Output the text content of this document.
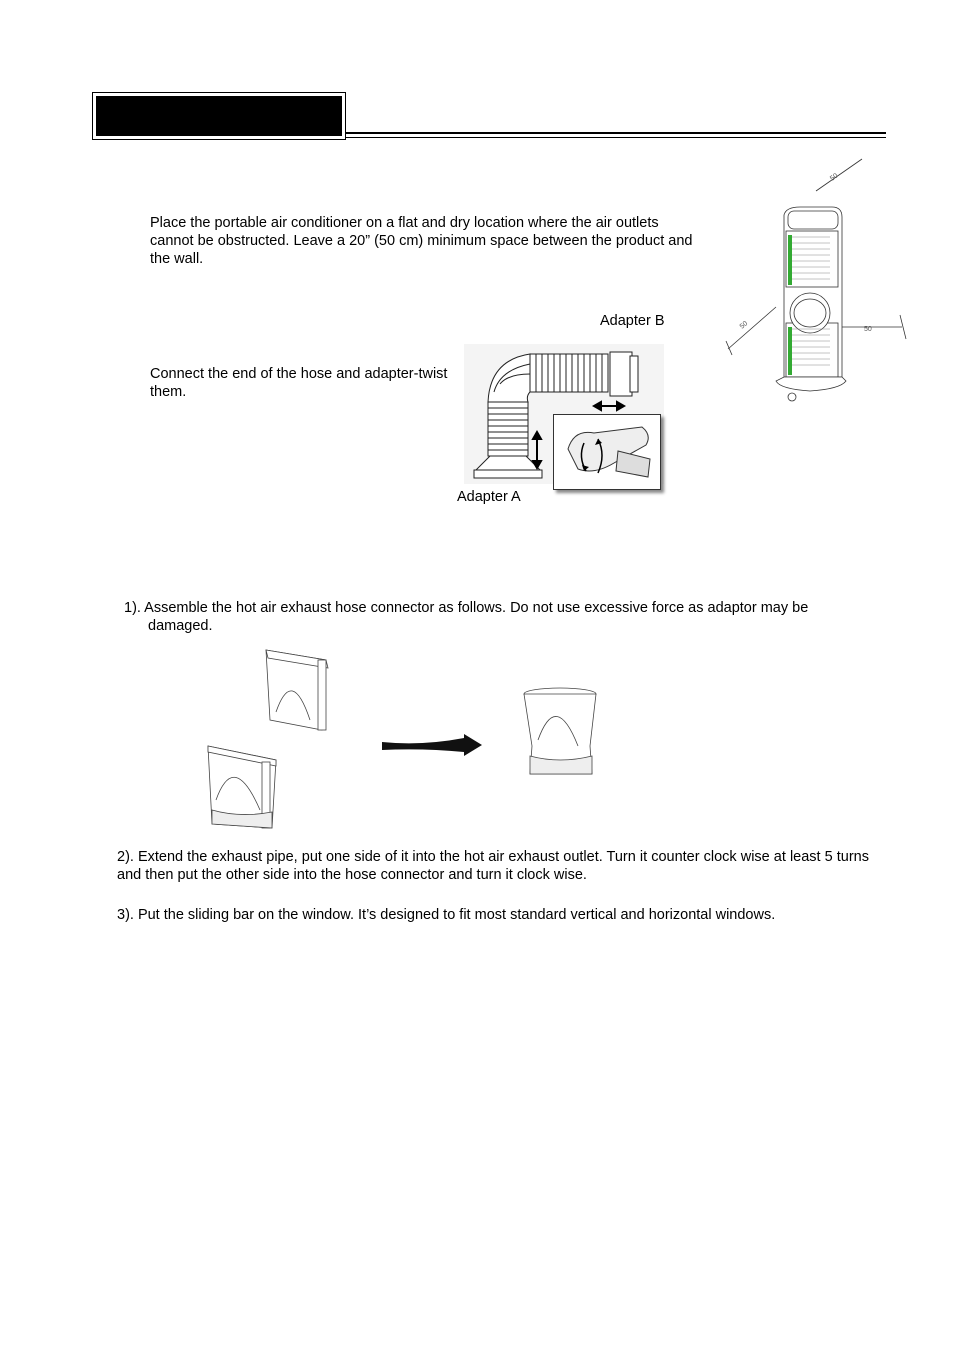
Place the portable air conditioner on a flat and dry location where the air outlets cannot be obstructed. Leave a 20” (50 cm) minimum space between the product and the wall.
Connect the end of the hose and adapter-twist them.
Adapter B
Adapter A
50
50	50
1). Assemble the hot air exhaust hose connector as follows. Do not use excessive force as adaptor may be damaged.
2). Extend the exhaust pipe, put one side of it into the hot air exhaust outlet. Turn it counter clock wise at least 5 turns and then put the other side into the hose connector and turn it clock wise.
3). Put the sliding bar on the window. It’s designed to fit most standard vertical and horizontal windows.
